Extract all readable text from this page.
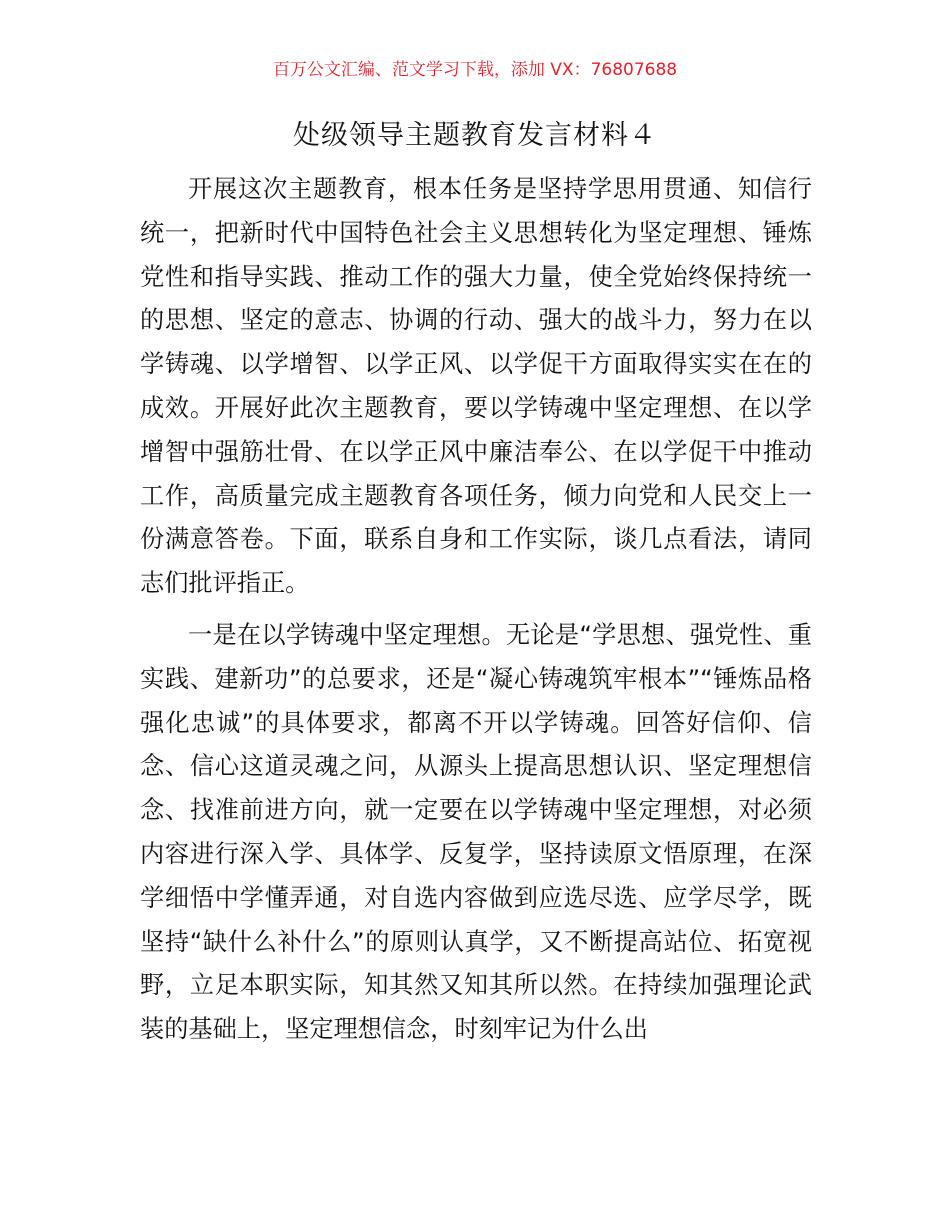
百万公文汇编、范文学习下载，添加 VX：76807688
处级领导主题教育发言材料４

开展这次主题教育，根本任务是坚持学思用贯通、知信行统一，把新时代中国特色社会主义思想转化为坚定理想、锤炼党性和指导实践、推动工作的强大力量，使全党始终保持统一的思想、坚定的意志、协调的行动、强大的战斗力，努力在以学铸魂、以学增智、以学正风、以学促干方面取得实实在在的成效。开展好此次主题教育，要以学铸魂中坚定理想、在以学增智中强筋壮骨、在以学正风中廉洁奉公、在以学促干中推动工作，高质量完成主题教育各项任务，倾力向党和人民交上一份满意答卷。下面，联系自身和工作实际，谈几点看法，请同志们批评指正。

一是在以学铸魂中坚定理想。无论是“学思想、强党性、重实践、建新功”的总要求，还是“凝心铸魂筑牢根本”“锤炼品格强化忠诚”的具体要求，都离不开以学铸魂。回答好信仰、信念、信心这道灵魂之问，从源头上提高思想认识、坚定理想信念、找准前进方向，就一定要在以学铸魂中坚定理想，对必须内容进行深入学、具体学、反复学，坚持读原文悟原理，在深学细悟中学懂弄通，对自选内容做到应选尽选、应学尽学，既坚持“缺什么补什么”的原则认真学，又不断提高站位、拓宽视野，立足本职实际，知其然又知其所以然。在持续加强理论武装的基础上，坚定理想信念，时刻牢记为什么出
